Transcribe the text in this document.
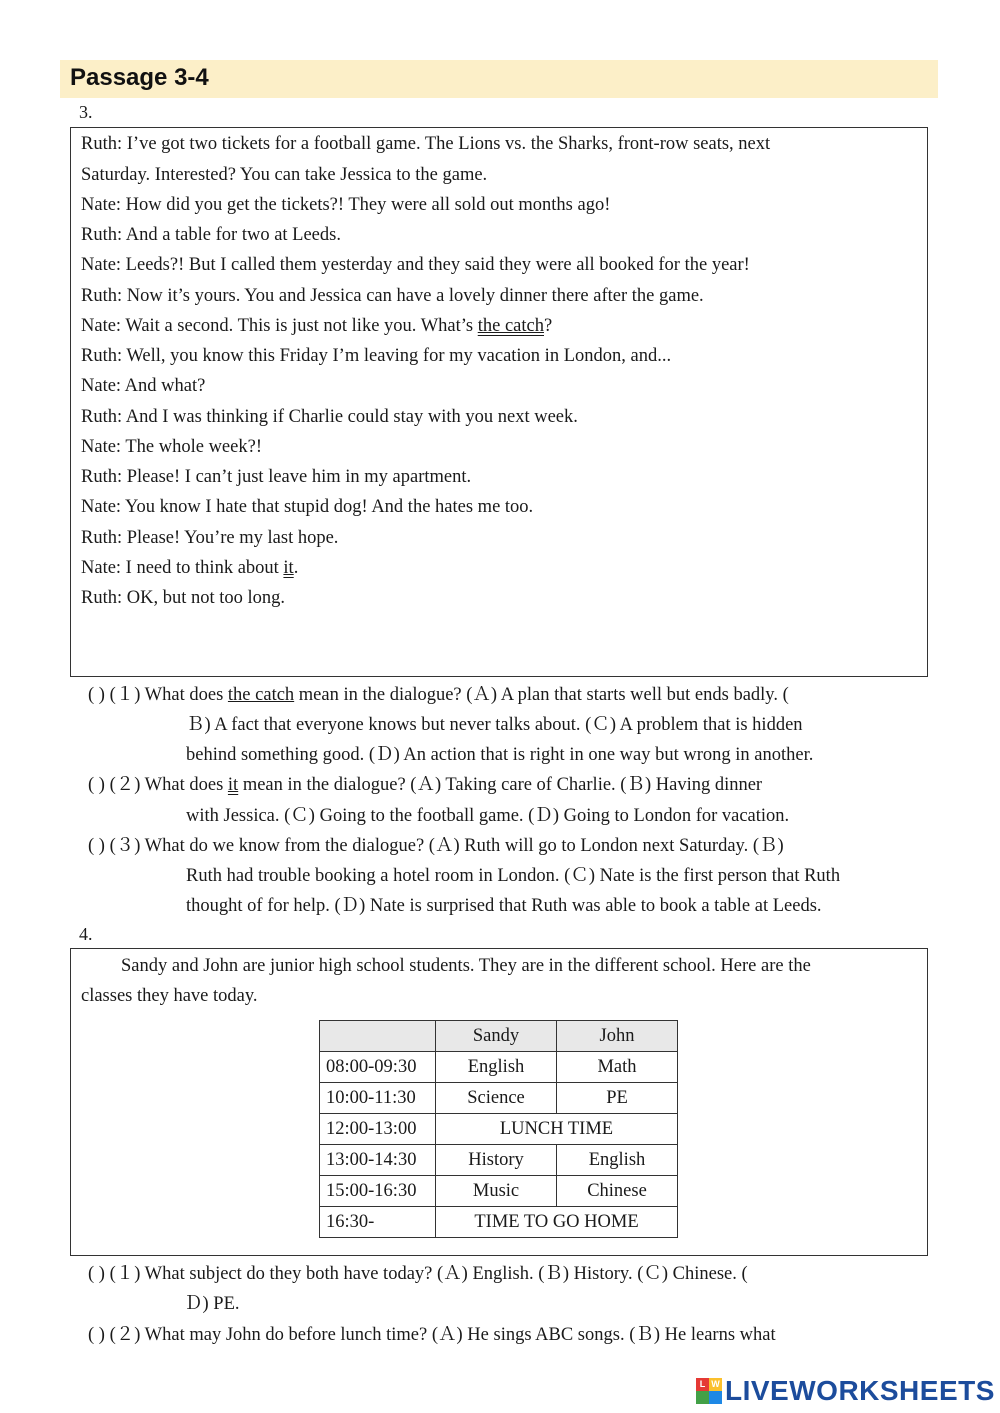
Passage 3-4
3.
Ruth: I’ve got two tickets for a football game. The Lions vs. the Sharks, front-row seats, next
Saturday. Interested? You can take Jessica to the game.
Nate: How did you get the tickets?! They were all sold out months ago!
Ruth: And a table for two at Leeds.
Nate: Leeds?! But I called them yesterday and they said they were all booked for the year!
Ruth: Now it’s yours. You and Jessica can have a lovely dinner there after the game.
Nate: Wait a second. This is just not like you. What’s the catch?
Ruth: Well, you know this Friday I’m leaving for my vacation in London, and...
Nate: And what?
Ruth: And I was thinking if Charlie could stay with you next week.
Nate: The whole week?!
Ruth: Please! I can’t just leave him in my apartment.
Nate: You know I hate that stupid dog! And the hates me too.
Ruth: Please! You’re my last hope.
Nate: I need to think about it.
Ruth: OK, but not too long.
( ) (１) What does the catch mean in the dialogue? (Ａ) A plan that starts well but ends badly. (
Ｂ) A fact that everyone knows but never talks about. (Ｃ) A problem that is hidden
behind something good. (Ｄ) An action that is right in one way but wrong in another.
( ) (２) What does it mean in the dialogue? (Ａ) Taking care of Charlie. (Ｂ) Having dinner
with Jessica. (Ｃ) Going to the football game. (Ｄ) Going to London for vacation.
( ) (３) What do we know from the dialogue? (Ａ) Ruth will go to London next Saturday. (Ｂ)
Ruth had trouble booking a hotel room in London. (Ｃ) Nate is the first person that Ruth
thought of for help. (Ｄ) Nate is surprised that Ruth was able to book a table at Leeds.
4.
Sandy and John are junior high school students. They are in the different school. Here are the
classes they have today.
	Sandy	John
08:00-09:30	English	Math
10:00-11:30	Science	PE
12:00-13:00	LUNCH TIME	
13:00-14:30	History	English
15:00-16:30	Music	Chinese
16:30-	TIME TO GO HOME	
( ) (１) What subject do they both have today? (Ａ) English. (Ｂ) History. (Ｃ) Chinese. (
Ｄ) PE.
( ) (２) What may John do before lunch time? (Ａ) He sings ABC songs. (Ｂ) He learns what
L W LIVEWORKSHEETS
